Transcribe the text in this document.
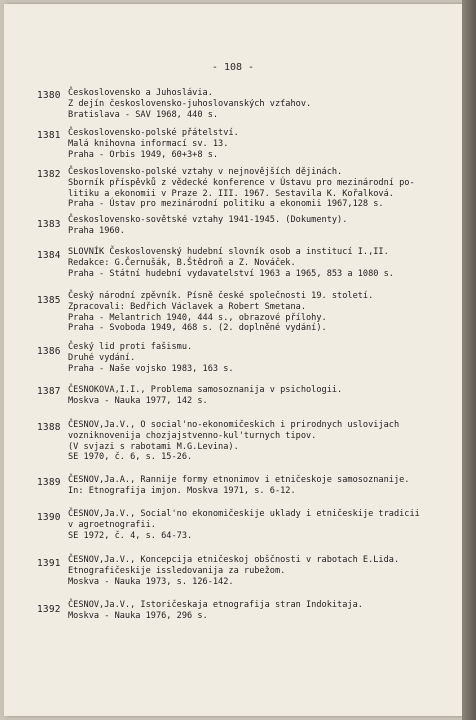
- 108 -
1380 Československo a Juhoslávia.
Z dejín československo-juhoslovanských vzťahov.
Bratislava - SAV 1968, 440 s.
1381 Československo-polské přátelství.
Malá knihovna informací sv. 13.
Praha - Orbis 1949, 60+3+8 s.
1382 Československo-polské vztahy v nejnovějších dějinách.
Sborník příspěvků z vědecké konference v Ústavu pro mezinárodní po-
litiku a ekonomii v Praze 2. III. 1967. Sestavila K. Kořalková.
Praha - Ústav pro mezinárodní politiku a ekonomii 1967,128 s.
1383 Československo-sovětské vztahy 1941-1945. (Dokumenty).
Praha 1960.
1384 SLOVNÍK Československý hudební slovník osob a institucí I.,II.
Redakce: G.Černušák, B.Štědroň a Z. Nováček.
Praha - Státní hudební vydavatelství 1963 a 1965, 853 a 1080 s.
1385 Český národní zpěvník. Písně české společnosti 19. století.
Zpracovali: Bedřich Václavek a Robert Smetana.
Praha - Melantrich 1940, 444 s., obrazové přílohy.
Praha - Svoboda 1949, 468 s. (2. doplněné vydání).
1386 Český lid proti fašismu.
Druhé vydání.
Praha - Naše vojsko 1983, 163 s.
1387 ČESNOKOVA,I.I., Problema samosoznanija v psichologii.
Moskva - Nauka 1977, 142 s.
1388 ČESNOV,Ja.V., O social'no-ekonomičeskich i prirodnych uslovijach
vozniknovenija chozjajstvenno-kul'turnych tipov.
(V svjazi s rabotami M.G.Levina).
SE 1970, č. 6, s. 15-26.
1389 ČESNOV,Ja.A., Rannije formy etnonimov i etničeskoje samosoznanije.
In: Etnografija imjon. Moskva 1971, s. 6-12.
1390 ČESNOV,Ja.V., Social'no ekonomičeskije uklady i etničeskije tradicii
v agroetnografii.
SE 1972, č. 4, s. 64-73.
1391 ČESNOV,Ja.V., Koncepcija etničeskoj obščnosti v rabotach E.Lida.
Etnografičeskije issledovanija za rubežom.
Moskva - Nauka 1973, s. 126-142.
1392 ČESNOV,Ja.V., Istoričeskaja etnografija stran Indokitaja.
Moskva - Nauka 1976, 296 s.
